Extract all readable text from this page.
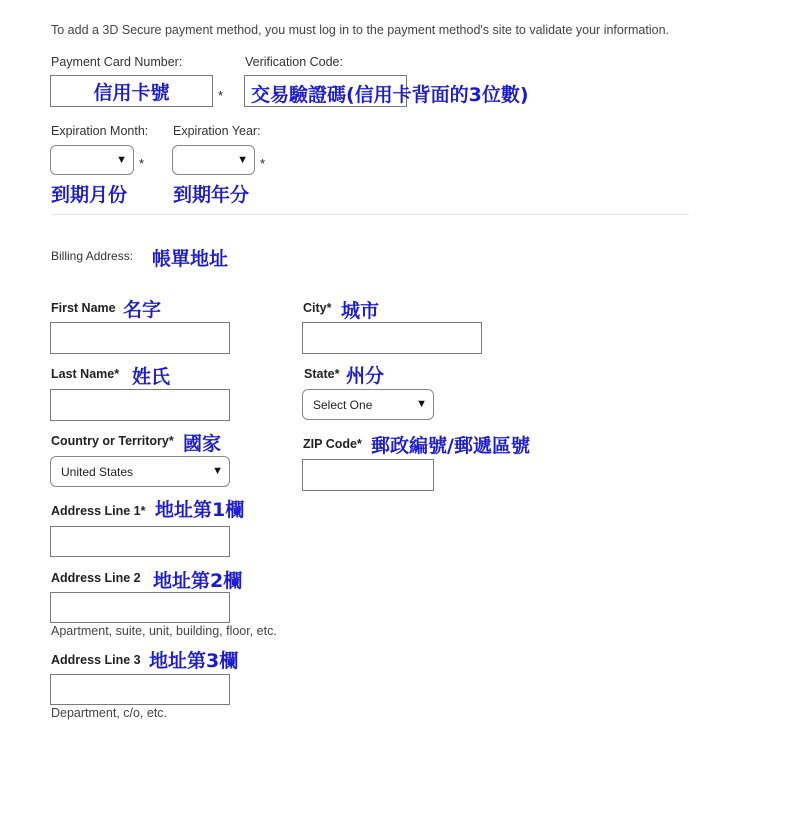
To add a 3D Secure payment method, you must log in to the payment method's site to validate your information.
Payment Card Number:
信用卡號	*
Verification Code:
交易驗證碼(信用卡背面的3位數)
Expiration Month: Expiration Year:
▼ *	▼ *
到期月份 到期年分
Billing Address: 帳單地址
First Name 名字	City* 城市
Last Name* 姓氏	State* 州分
Select One	▼
Country or Territory* 國家
United States	▼
ZIP Code* 郵政編號/郵遞區號
Address Line 1* 地址第1欄
Address Line 2 地址第2欄
Apartment, suite, unit, building, floor, etc.
Address Line 3 地址第3欄
Department, c/o, etc.
